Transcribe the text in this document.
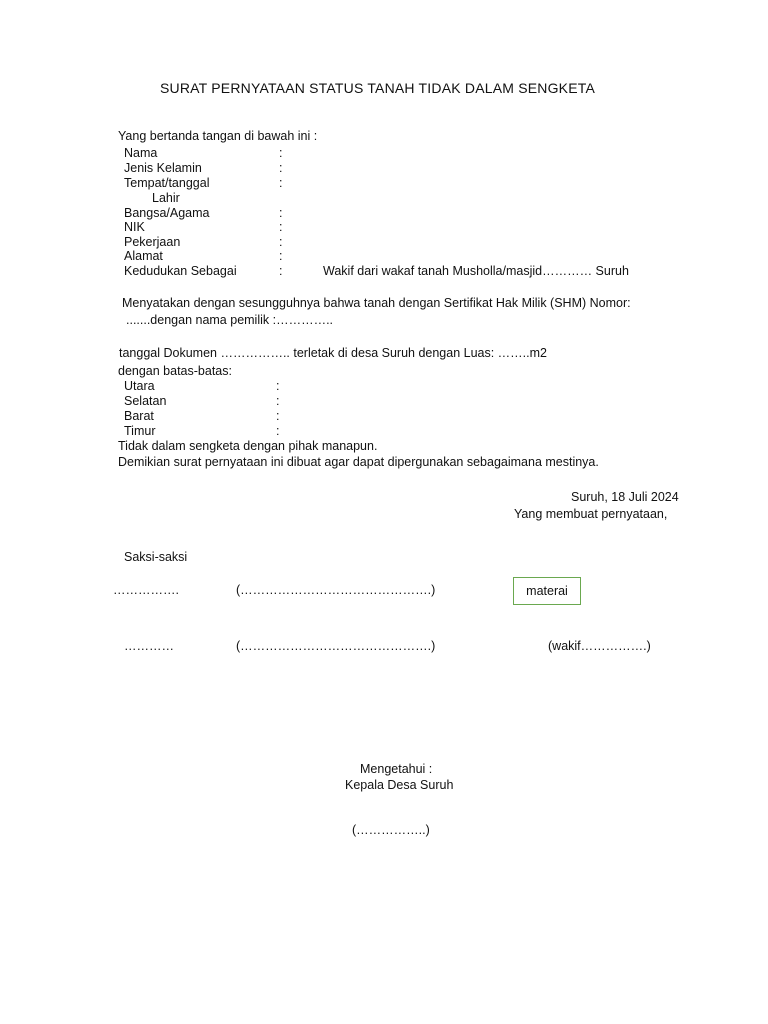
SURAT PERNYATAAN STATUS TANAH TIDAK DALAM SENGKETA
Yang bertanda tangan di bawah ini :
Nama	:
Jenis Kelamin	:
Tempat/tanggal	:
Lahir
Bangsa/Agama	:
NIK	:
Pekerjaan	:
Alamat	:
Kedudukan Sebagai	:	Wakif dari wakaf tanah Musholla/masjid………… Suruh
Menyatakan dengan sesungguhnya bahwa tanah dengan Sertifikat Hak Milik (SHM) Nomor:
.......dengan nama pemilik :…………..
tanggal Dokumen …………….. terletak di desa Suruh dengan Luas: ……..m2
dengan batas-batas:
Utara	:
Selatan	:
Barat	:
Timur	:
Tidak dalam sengketa dengan pihak manapun.
Demikian surat pernyataan ini dibuat agar dapat dipergunakan sebagaimana mestinya.
Suruh, 18 Juli 2024
Yang membuat pernyataan,
Saksi-saksi
…………….	(……………………………………….)	materai
…………	(……………………………………….)	(wakif…………….)
Mengetahui :
Kepala Desa Suruh
(……………..)
